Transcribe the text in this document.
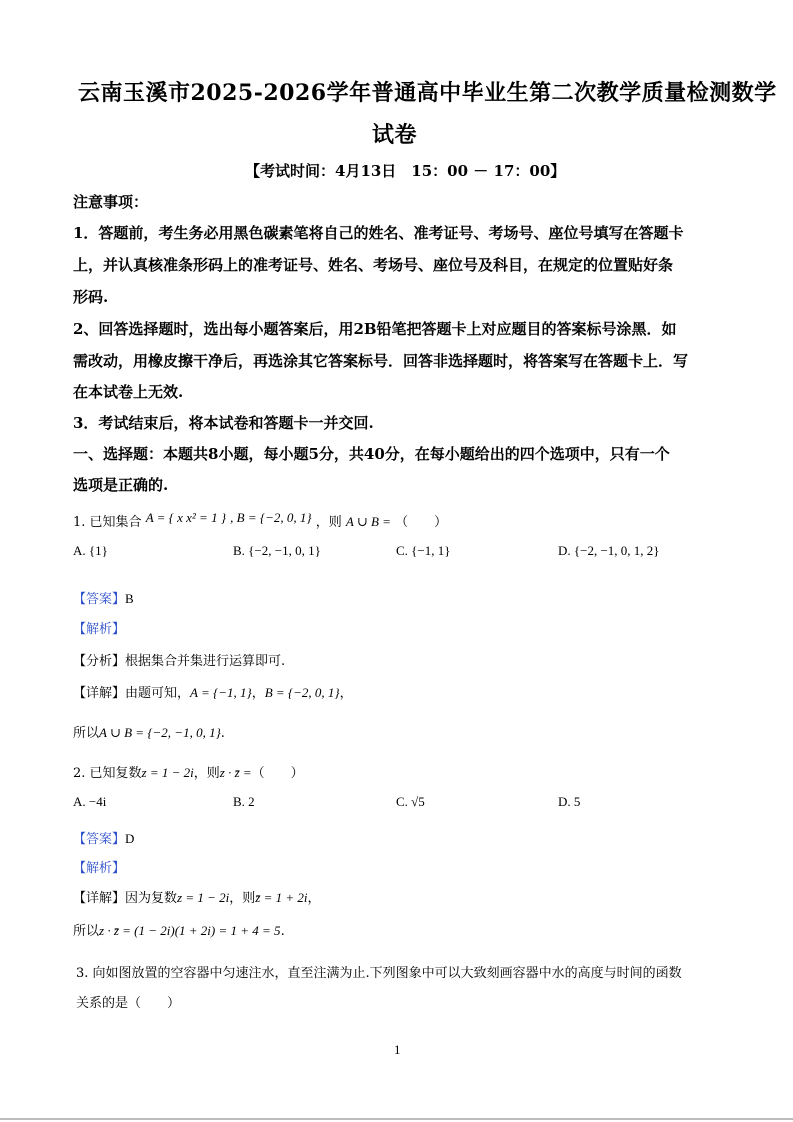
云南玉溪市2025-2026学年普通高中毕业生第二次教学质量检测数学
试卷
【考试时间：4月13日　15：00 － 17：00】
注意事项：
1．答题前，考生务必用黑色碳素笔将自己的姓名、准考证号、考场号、座位号填写在答题卡
上，并认真核准条形码上的准考证号、姓名、考场号、座位号及科目，在规定的位置贴好条
形码.
2、回答选择题时，选出每小题答案后，用2B铅笔把答题卡上对应题目的答案标号涂黑．如
需改动，用橡皮擦干净后，再选涂其它答案标号．回答非选择题时，将答案写在答题卡上．写
在本试卷上无效.
3．考试结束后，将本试卷和答题卡一并交回.
一、选择题：本题共8小题，每小题5分，共40分，在每小题给出的四个选项中，只有一个
选项是正确的.
1. 已知集合 A = { x x² = 1 } , B = {−2, 0, 1} ，则 A ∪ B = （　　）
A. {1}	B. {−2, −1, 0, 1}	C. {−1, 1}	D. {−2, −1, 0, 1, 2}
【答案】B
【解析】
【分析】根据集合并集进行运算即可.
【详解】由题可知，A = {−1, 1}，B = {−2, 0, 1}，
所以A ∪ B = {−2, −1, 0, 1}.
2. 已知复数z = 1 − 2i，则z · z̄ =（　　）
A. −4i	B. 2	C. √5	D. 5
【答案】D
【解析】
【详解】因为复数z = 1 − 2i，则z̄ = 1 + 2i，
所以z · z̄ = (1 − 2i)(1 + 2i) = 1 + 4 = 5.
3. 向如图放置的空容器中匀速注水，直至注满为止.下列图象中可以大致刻画容器中水的高度与时间的函数
关系的是（　　）
1
